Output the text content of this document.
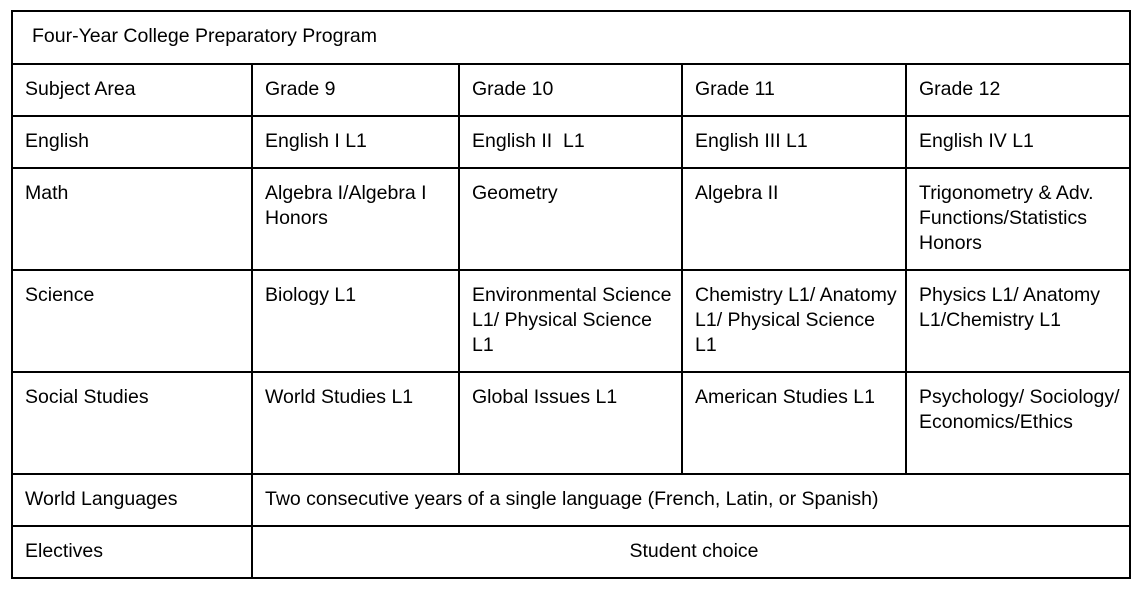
Four-Year College Preparatory Program				
Subject Area	Grade 9	Grade 10	Grade 11	Grade 12
English	English I L1	English II  L1	English III L1	English IV L1
Math	Algebra I/Algebra I Honors	Geometry	Algebra II	Trigonometry & Adv. Functions/Statistics Honors
Science	Biology L1	Environmental Science L1/ Physical Science L1	Chemistry L1/ Anatomy L1/ Physical Science L1	Physics L1/ Anatomy L1/Chemistry L1
Social Studies	World Studies L1	Global Issues L1	American Studies L1	Psychology/ Sociology/ Economics/Ethics
World Languages	Two consecutive years of a single language (French, Latin, or Spanish)			
Electives	Student choice			
